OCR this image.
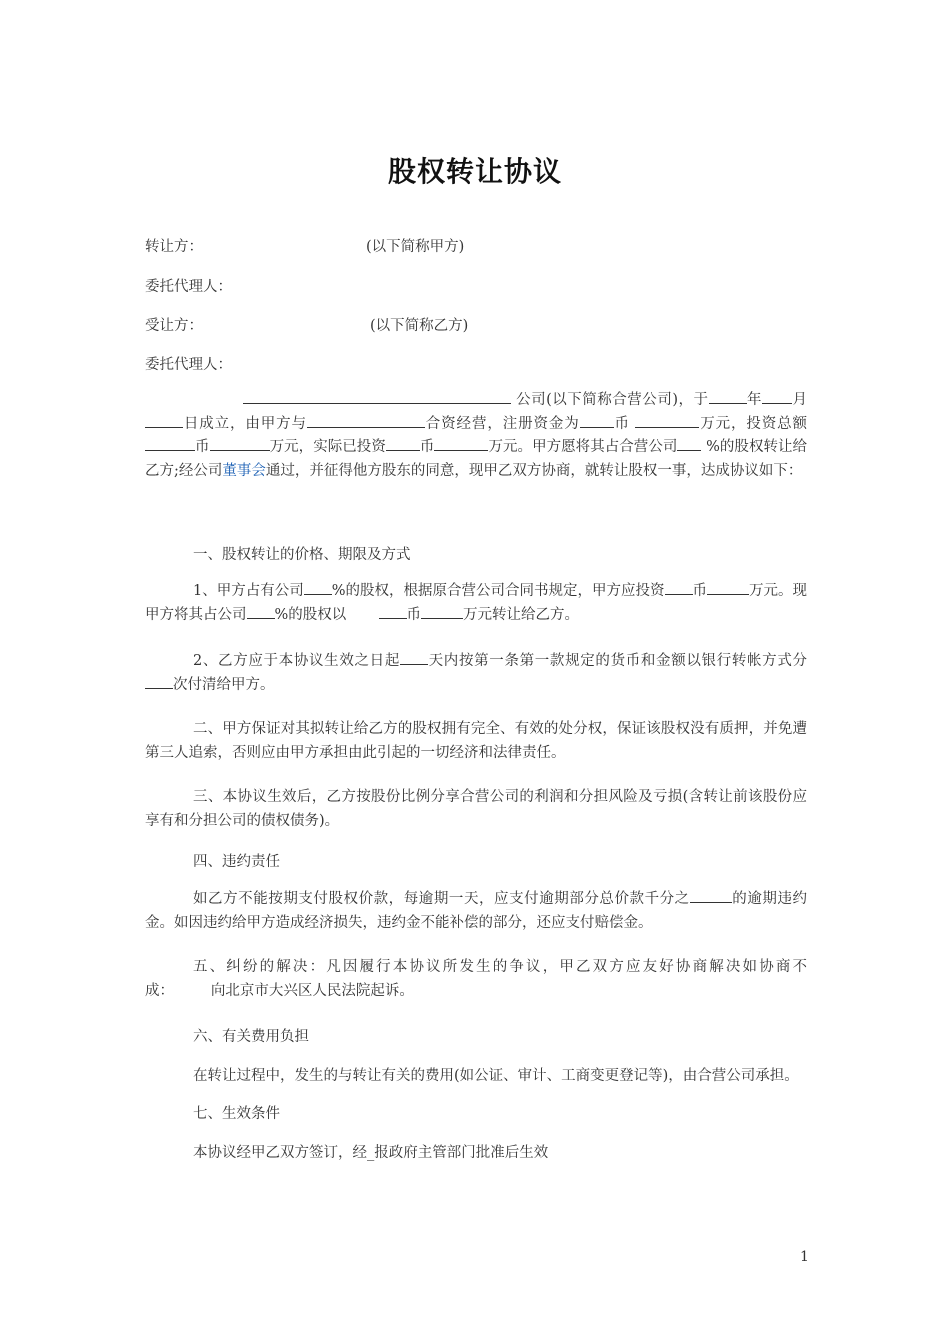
股权转让协议
转让方：	(以下简称甲方)
委托代理人：
受让方：	(以下简称乙方)
委托代理人：
公司(以下简称合营公司)，于	年 月日成立，由甲方与	合资经营，注册资金为 币	万元，投资总额币	万元，实际已投资 币	万元。甲方愿将其占合营公司 %的股权转让给乙方;经公司董事会通过，并征得他方股东的同意，现甲乙双方协商，就转让股权一事，达成协议如下：
一、股权转让的价格、期限及方式
1、甲方占有公司 %的股权，根据原合营公司合同书规定，甲方应投资 币	万元。现甲方将其占公司 %的股权以	币	万元转让给乙方。
2、乙方应于本协议生效之日起 天内按第一条第一款规定的货币和金额以银行转帐方式分次付清给甲方。
二、甲方保证对其拟转让给乙方的股权拥有完全、有效的处分权，保证该股权没有质押，并免遭第三人追索，否则应由甲方承担由此引起的一切经济和法律责任。
三、本协议生效后，乙方按股份比例分享合营公司的利润和分担风险及亏损(含转让前该股份应享有和分担公司的债权债务)。
四、违约责任
如乙方不能按期支付股权价款，每逾期一天，应支付逾期部分总价款千分之	的逾期违约金。如因违约给甲方造成经济损失，违约金不能补偿的部分，还应支付赔偿金。
五、纠纷的解决：凡因履行本协议所发生的争议，甲乙双方应友好协商解决如协商不成：	向北京市大兴区人民法院起诉。
六、有关费用负担
在转让过程中，发生的与转让有关的费用(如公证、审计、工商变更登记等)，由合营公司承担。
七、生效条件
本协议经甲乙双方签订，经_报政府主管部门批准后生效
1
